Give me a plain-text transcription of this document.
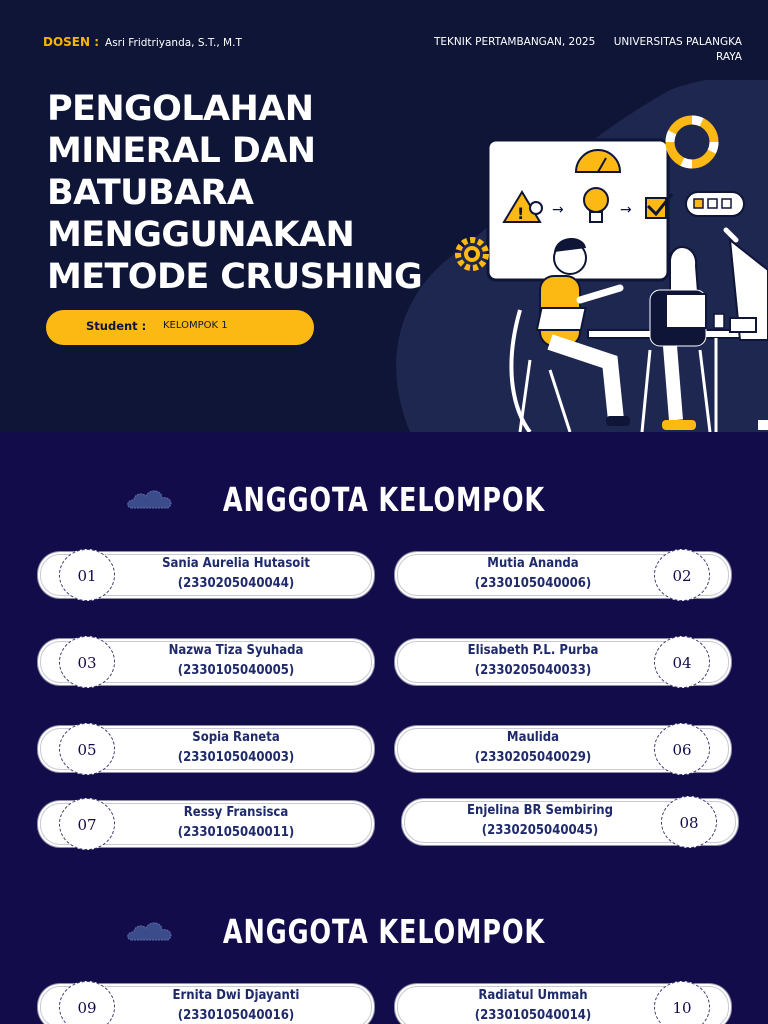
DOSEN : Asri Fridtriyanda, S.T., M.T	TEKNIK PERTAMBANGAN, 2025 UNIVERSITAS PALANGKA RAYA
PENGOLAHAN MINERAL DAN BATUBARA MENGGUNAKAN METODE CRUSHING
Student : KELOMPOK 1
! →	→
ANGGOTA KELOMPOK
01
Sania Aurelia Hutasoit
(2330205040044)	02
Mutia Ananda
(2330105040006)
03
Nazwa Tiza Syuhada
(2330105040005)	04
Elisabeth P.L. Purba
(2330205040033)
05
Sopia Raneta
(2330105040003)	06
Maulida
(2330205040029)
07
Ressy Fransisca
(2330105040011)
08
Enjelina BR Sembiring
(2330205040045)
ANGGOTA KELOMPOK
09
Ernita Dwi Djayanti
(2330105040016)	10
Radiatul Ummah
(2330105040014)
